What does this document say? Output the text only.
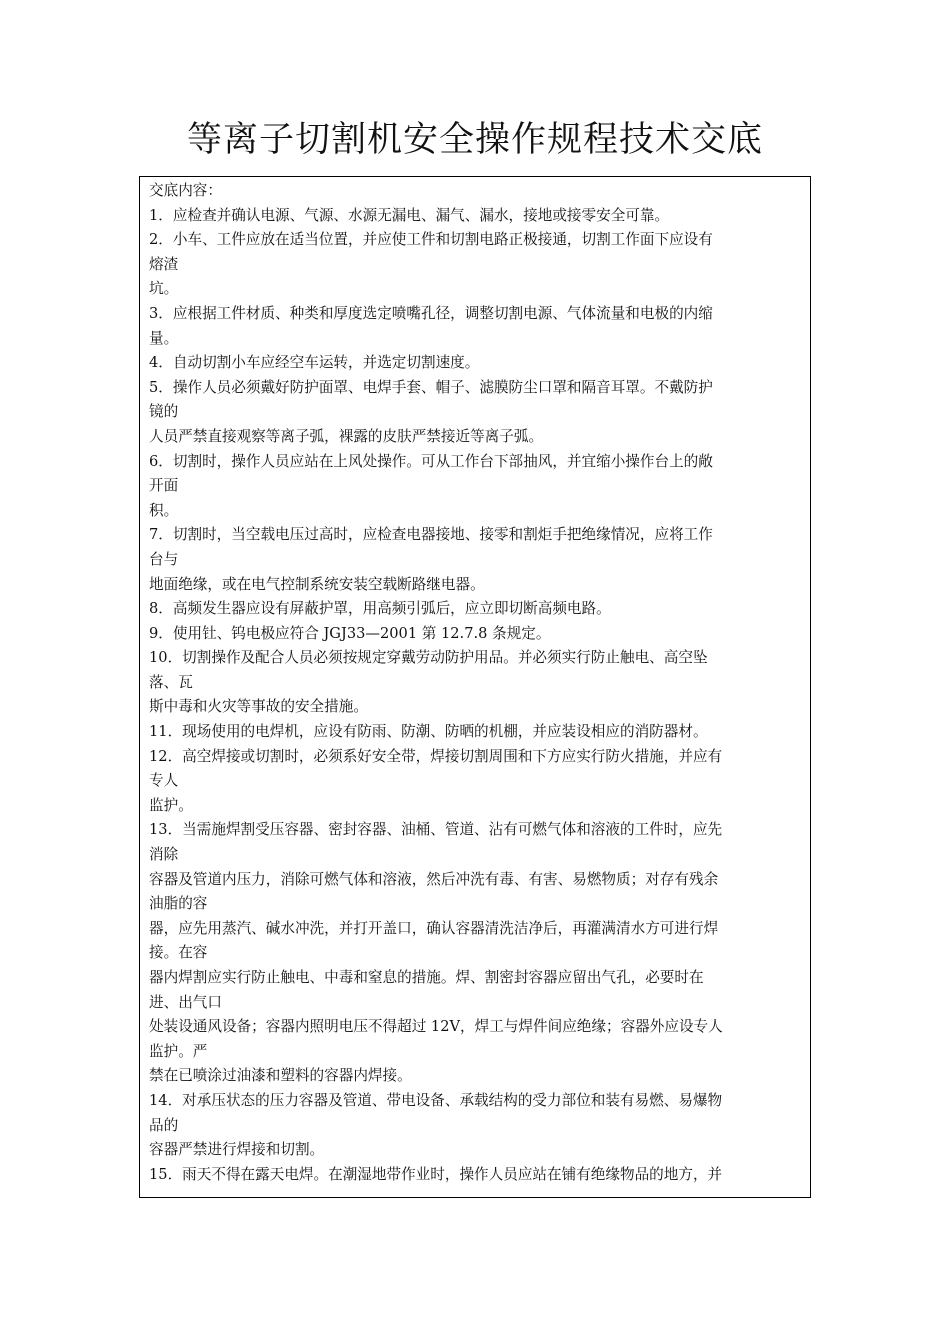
等离子切割机安全操作规程技术交底
交底内容：
1．应检查并确认电源、气源、水源无漏电、漏气、漏水，接地或接零安全可靠。
2．小车、工件应放在适当位置，并应使工件和切割电路正极接通，切割工作面下应设有
熔渣
坑。
3．应根据工件材质、种类和厚度选定喷嘴孔径，调整切割电源、气体流量和电极的内缩
量。
4．自动切割小车应经空车运转，并选定切割速度。
5．操作人员必须戴好防护面罩、电焊手套、帽子、滤膜防尘口罩和隔音耳罩。不戴防护
镜的
人员严禁直接观察等离子弧，裸露的皮肤严禁接近等离子弧。
6．切割时，操作人员应站在上风处操作。可从工作台下部抽风，并宜缩小操作台上的敞
开面
积。
7．切割时，当空载电压过高时，应检查电器接地、接零和割炬手把绝缘情况，应将工作
台与
地面绝缘，或在电气控制系统安装空载断路继电器。
8．高频发生器应设有屏蔽护罩，用高频引弧后，应立即切断高频电路。
9．使用钍、钨电极应符合 JGJ33—2001 第 12.7.8 条规定。
10．切割操作及配合人员必须按规定穿戴劳动防护用品。并必须实行防止触电、高空坠
落、瓦
斯中毒和火灾等事故的安全措施。
11．现场使用的电焊机，应设有防雨、防潮、防晒的机棚，并应装设相应的消防器材。
12．高空焊接或切割时，必须系好安全带，焊接切割周围和下方应实行防火措施，并应有
专人
监护。
13．当需施焊割受压容器、密封容器、油桶、管道、沾有可燃气体和溶液的工件时，应先
消除
容器及管道内压力，消除可燃气体和溶液，然后冲洗有毒、有害、易燃物质；对存有残余
油脂的容
器，应先用蒸汽、碱水冲洗，并打开盖口，确认容器清洗洁净后，再灌满清水方可进行焊
接。在容
器内焊割应实行防止触电、中毒和窒息的措施。焊、割密封容器应留出气孔，必要时在
进、出气口
处装设通风设备；容器内照明电压不得超过 12V，焊工与焊件间应绝缘；容器外应设专人
监护。严
禁在已喷涂过油漆和塑料的容器内焊接。
14．对承压状态的压力容器及管道、带电设备、承载结构的受力部位和装有易燃、易爆物
品的
容器严禁进行焊接和切割。
15．雨天不得在露天电焊。在潮湿地带作业时，操作人员应站在铺有绝缘物品的地方，并
